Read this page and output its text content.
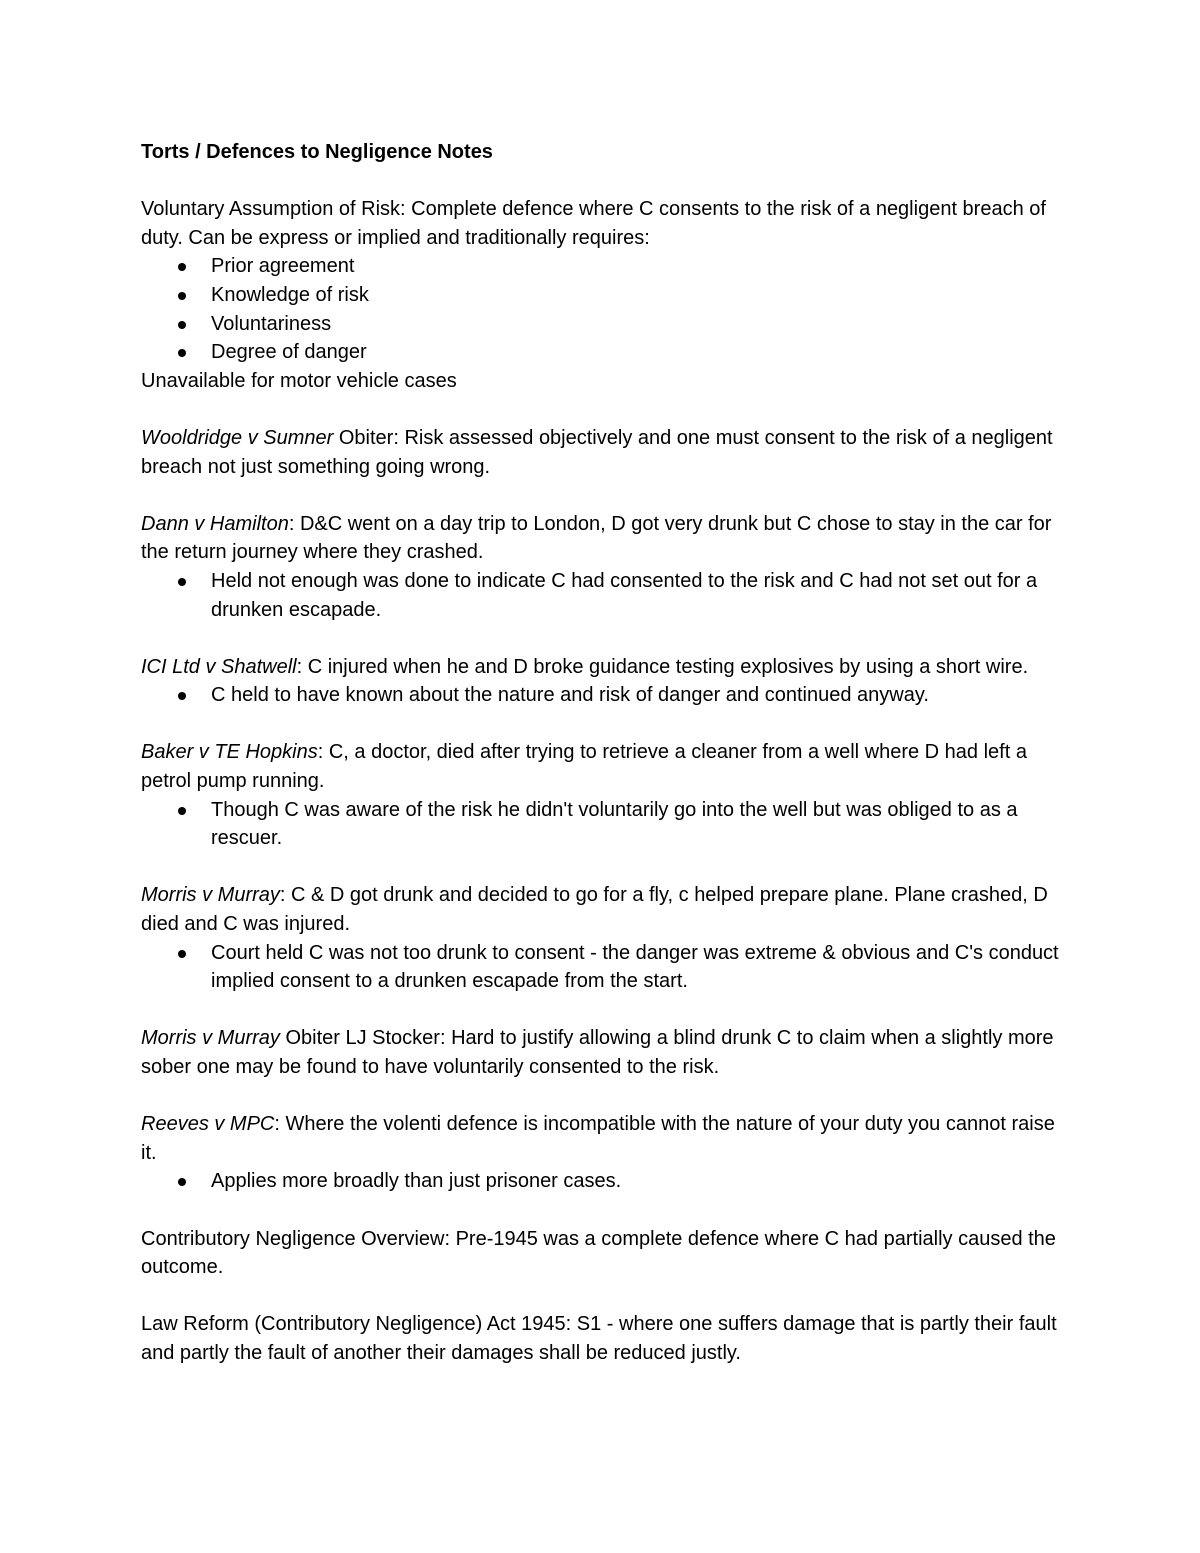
Torts / Defences to Negligence Notes

Voluntary Assumption of Risk: Complete defence where C consents to the risk of a negligent breach of duty. Can be express or implied and traditionally requires:

Prior agreement
Knowledge of risk
Voluntariness
Degree of danger

Unavailable for motor vehicle cases

Wooldridge v Sumner Obiter: Risk assessed objectively and one must consent to the risk of a negligent breach not just something going wrong.

Dann v Hamilton: D&C went on a day trip to London, D got very drunk but C chose to stay in the car for the return journey where they crashed.

Held not enough was done to indicate C had consented to the risk and C had not set out for a drunken escapade.

ICI Ltd v Shatwell: C injured when he and D broke guidance testing explosives by using a short wire.

C held to have known about the nature and risk of danger and continued anyway.

Baker v TE Hopkins: C, a doctor, died after trying to retrieve a cleaner from a well where D had left a petrol pump running.

Though C was aware of the risk he didn't voluntarily go into the well but was obliged to as a rescuer.

Morris v Murray: C & D got drunk and decided to go for a fly, c helped prepare plane. Plane crashed, D died and C was injured.

Court held C was not too drunk to consent - the danger was extreme & obvious and C's conduct implied consent to a drunken escapade from the start.

Morris v Murray Obiter LJ Stocker: Hard to justify allowing a blind drunk C to claim when a slightly more sober one may be found to have voluntarily consented to the risk.

Reeves v MPC: Where the volenti defence is incompatible with the nature of your duty you cannot raise it.

Applies more broadly than just prisoner cases.

Contributory Negligence Overview: Pre-1945 was a complete defence where C had partially caused the outcome.

Law Reform (Contributory Negligence) Act 1945: S1 - where one suffers damage that is partly their fault and partly the fault of another their damages shall be reduced justly.
